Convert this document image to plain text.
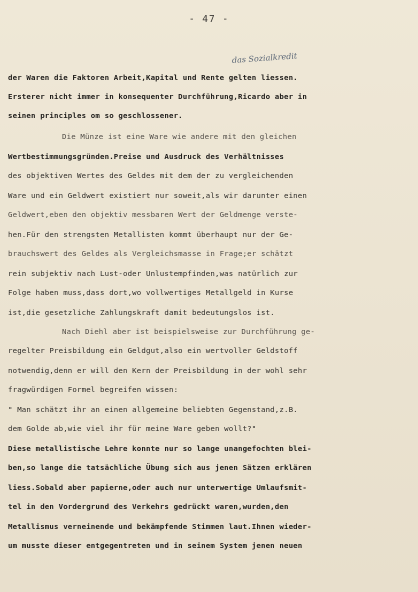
- 47 -
das Sozialkredit
der Waren die Faktoren Arbeit,Kapital und Rente gelten liessen.
Ersterer nicht immer in konsequenter Durchführung,Ricardo aber in
seinen principles om so geschlossener.
Die Münze ist eine Ware wie andere mit den gleichen
Wertbestimmungsgründen.Preise und Ausdruck des Verhältnisses
des objektiven Wertes des Geldes mit dem der zu vergleichenden
Ware und ein Geldwert existiert nur soweit,als wir darunter einen
Geldwert,eben den objektiv messbaren Wert der Geldmenge verste-
hen.Für den strengsten Metallisten kommt überhaupt nur der Ge-
brauchswert des Geldes als Vergleichsmasse in Frage;er schätzt
rein subjektiv nach Lust-oder Unlustempfinden,was natürlich zur
Folge haben muss,dass dort,wo vollwertiges Metallgeld in Kurse
ist,die gesetzliche Zahlungskraft damit bedeutungslos ist.
Nach Diehl aber ist beispielsweise zur Durchführung ge-
regelter Preisbildung ein Geldgut,also ein wertvoller Geldstoff
notwendig,denn er will den Kern der Preisbildung in der wohl sehr
fragwürdigen Formel begreifen wissen:
" Man schätzt ihr an einen allgemeine beliebten Gegenstand,z.B.
dem Golde ab,wie viel ihr für meine Ware geben wollt?"
Diese metallistische Lehre konnte nur so lange unangefochten blei-
ben,so lange die tatsächliche Übung sich aus jenen Sätzen erklären
liess.Sobald aber papierne,oder auch nur unterwertige Umlaufsmit-
tel in den Vordergrund des Verkehrs gedrückt waren,wurden,den
Metallismus verneinende und bekämpfende Stimmen laut.Ihnen wieder-
um musste dieser entgegentreten und in seinem System jenen neuen
